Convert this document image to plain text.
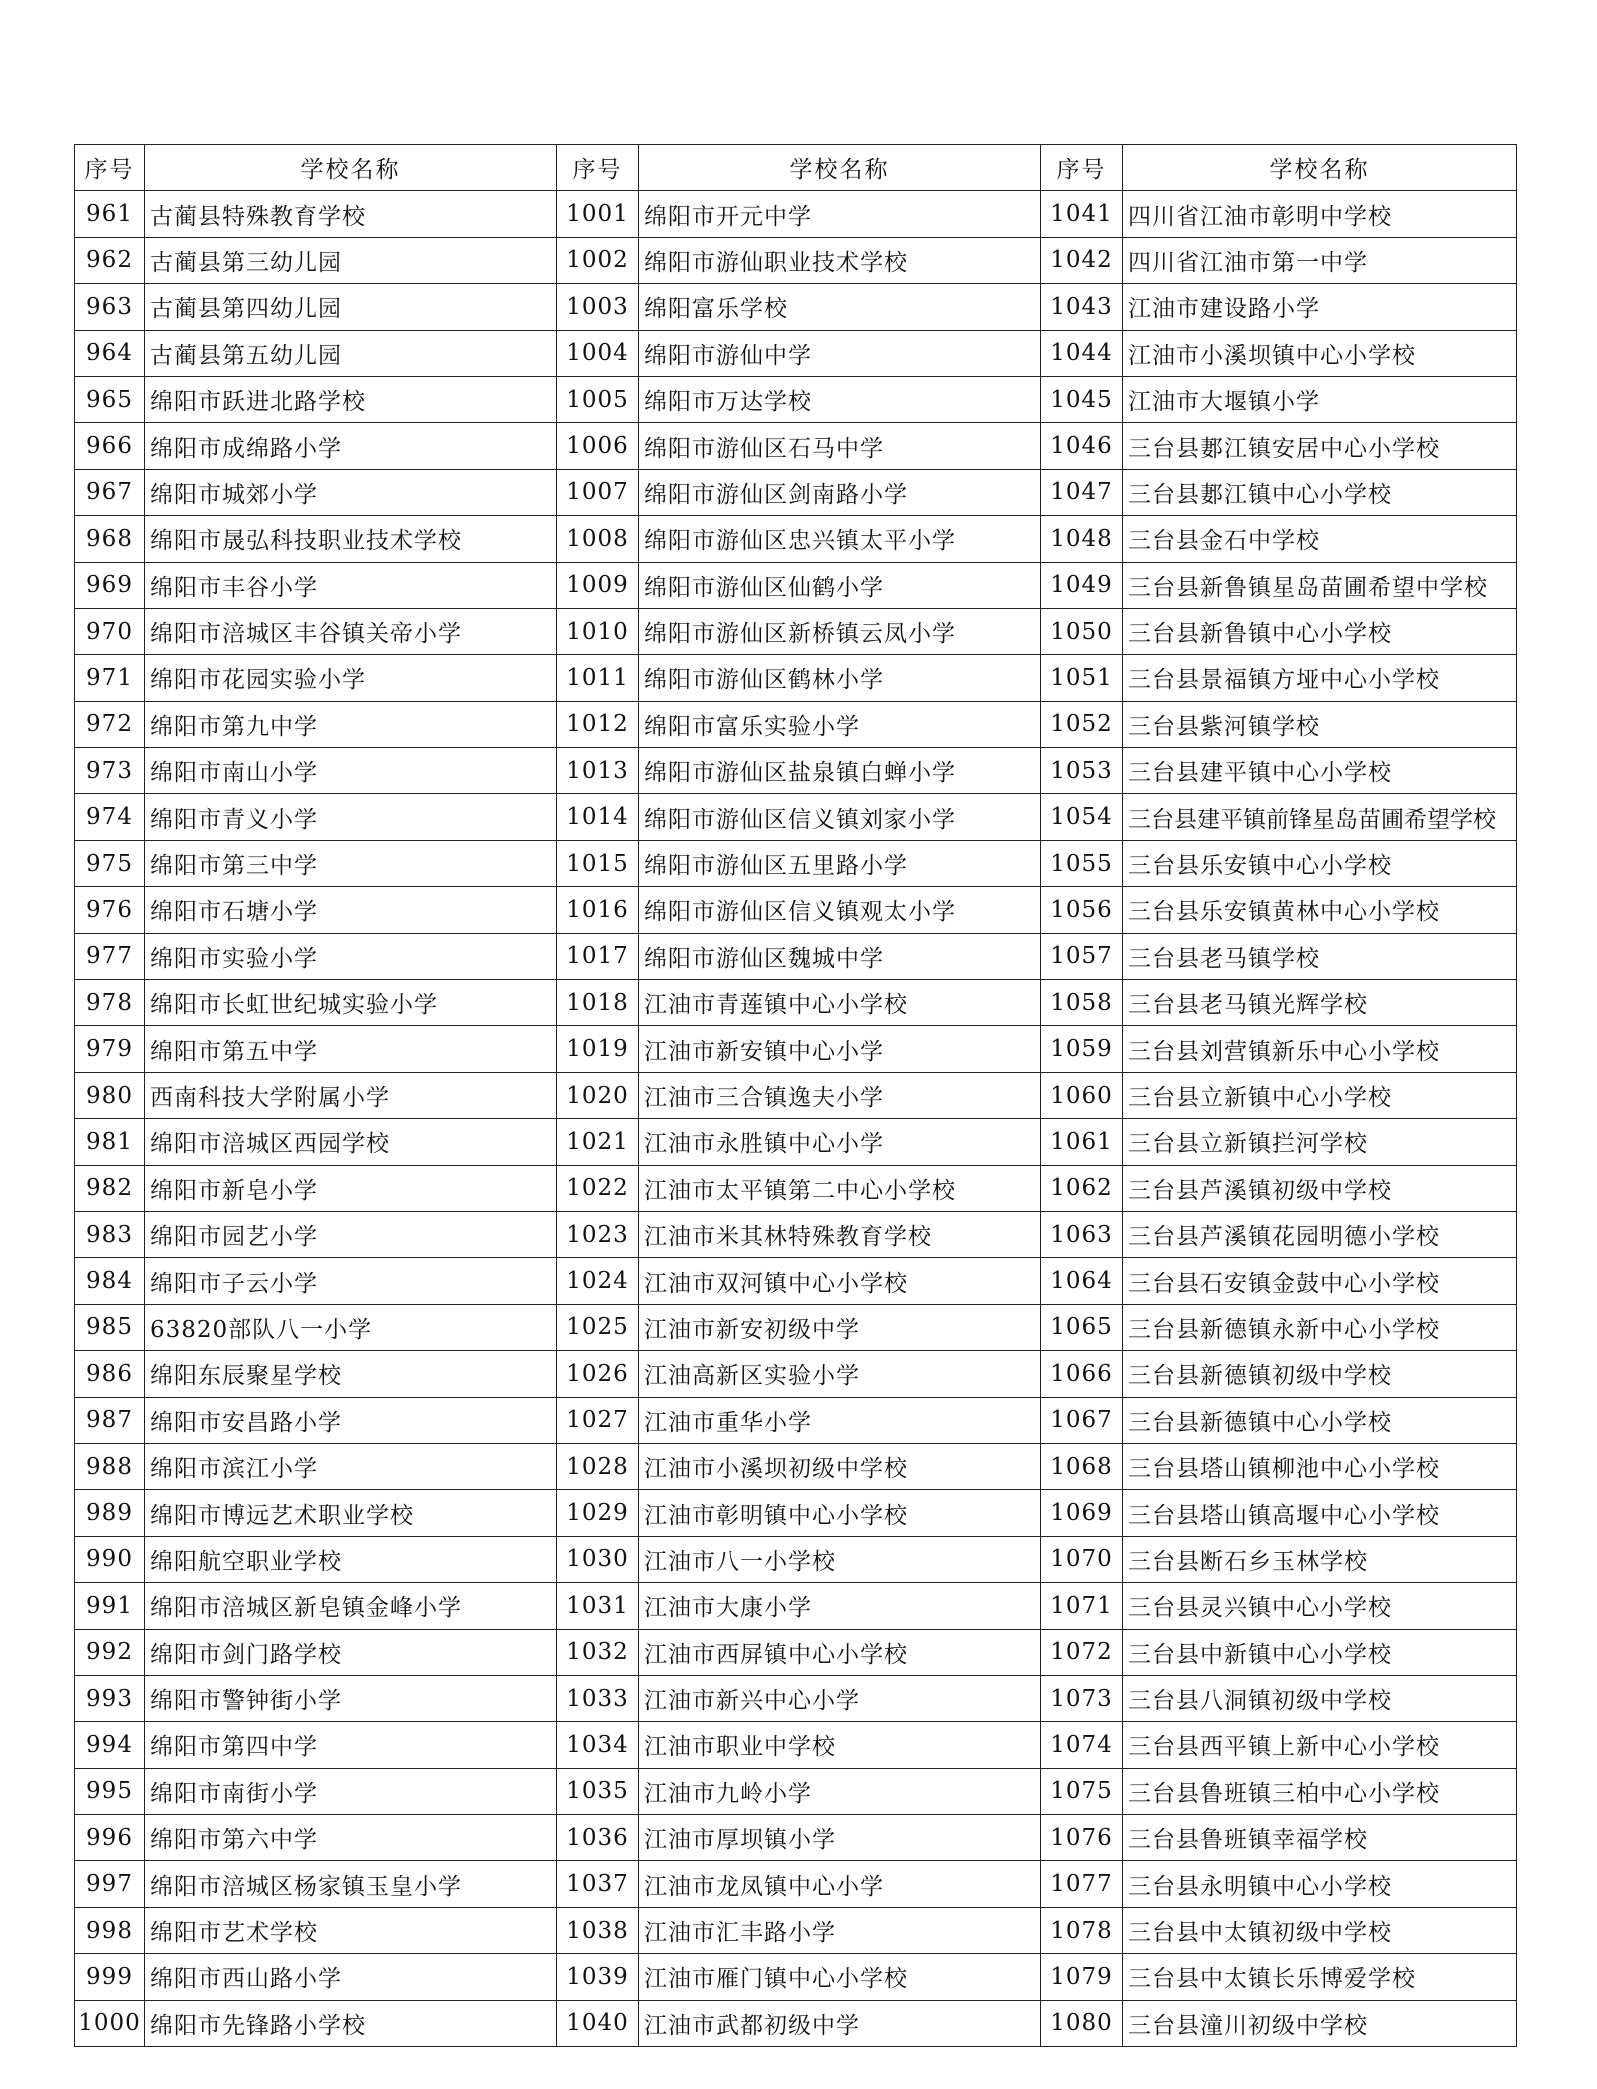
序号	学校名称	序号	学校名称	序号	学校名称
961	古蔺县特殊教育学校	1001	绵阳市开元中学	1041	四川省江油市彰明中学校
962	古蔺县第三幼儿园	1002	绵阳市游仙职业技术学校	1042	四川省江油市第一中学
963	古蔺县第四幼儿园	1003	绵阳富乐学校	1043	江油市建设路小学
964	古蔺县第五幼儿园	1004	绵阳市游仙中学	1044	江油市小溪坝镇中心小学校
965	绵阳市跃进北路学校	1005	绵阳市万达学校	1045	江油市大堰镇小学
966	绵阳市成绵路小学	1006	绵阳市游仙区石马中学	1046	三台县郪江镇安居中心小学校
967	绵阳市城郊小学	1007	绵阳市游仙区剑南路小学	1047	三台县郪江镇中心小学校
968	绵阳市晟弘科技职业技术学校	1008	绵阳市游仙区忠兴镇太平小学	1048	三台县金石中学校
969	绵阳市丰谷小学	1009	绵阳市游仙区仙鹤小学	1049	三台县新鲁镇星岛苗圃希望中学校
970	绵阳市涪城区丰谷镇关帝小学	1010	绵阳市游仙区新桥镇云凤小学	1050	三台县新鲁镇中心小学校
971	绵阳市花园实验小学	1011	绵阳市游仙区鹤林小学	1051	三台县景福镇方垭中心小学校
972	绵阳市第九中学	1012	绵阳市富乐实验小学	1052	三台县紫河镇学校
973	绵阳市南山小学	1013	绵阳市游仙区盐泉镇白蝉小学	1053	三台县建平镇中心小学校
974	绵阳市青义小学	1014	绵阳市游仙区信义镇刘家小学	1054	三台县建平镇前锋星岛苗圃希望学校
975	绵阳市第三中学	1015	绵阳市游仙区五里路小学	1055	三台县乐安镇中心小学校
976	绵阳市石塘小学	1016	绵阳市游仙区信义镇观太小学	1056	三台县乐安镇黄林中心小学校
977	绵阳市实验小学	1017	绵阳市游仙区魏城中学	1057	三台县老马镇学校
978	绵阳市长虹世纪城实验小学	1018	江油市青莲镇中心小学校	1058	三台县老马镇光辉学校
979	绵阳市第五中学	1019	江油市新安镇中心小学	1059	三台县刘营镇新乐中心小学校
980	西南科技大学附属小学	1020	江油市三合镇逸夫小学	1060	三台县立新镇中心小学校
981	绵阳市涪城区西园学校	1021	江油市永胜镇中心小学	1061	三台县立新镇拦河学校
982	绵阳市新皂小学	1022	江油市太平镇第二中心小学校	1062	三台县芦溪镇初级中学校
983	绵阳市园艺小学	1023	江油市米其林特殊教育学校	1063	三台县芦溪镇花园明德小学校
984	绵阳市子云小学	1024	江油市双河镇中心小学校	1064	三台县石安镇金鼓中心小学校
985	63820部队八一小学	1025	江油市新安初级中学	1065	三台县新德镇永新中心小学校
986	绵阳东辰聚星学校	1026	江油高新区实验小学	1066	三台县新德镇初级中学校
987	绵阳市安昌路小学	1027	江油市重华小学	1067	三台县新德镇中心小学校
988	绵阳市滨江小学	1028	江油市小溪坝初级中学校	1068	三台县塔山镇柳池中心小学校
989	绵阳市博远艺术职业学校	1029	江油市彰明镇中心小学校	1069	三台县塔山镇高堰中心小学校
990	绵阳航空职业学校	1030	江油市八一小学校	1070	三台县断石乡玉林学校
991	绵阳市涪城区新皂镇金峰小学	1031	江油市大康小学	1071	三台县灵兴镇中心小学校
992	绵阳市剑门路学校	1032	江油市西屏镇中心小学校	1072	三台县中新镇中心小学校
993	绵阳市警钟街小学	1033	江油市新兴中心小学	1073	三台县八洞镇初级中学校
994	绵阳市第四中学	1034	江油市职业中学校	1074	三台县西平镇上新中心小学校
995	绵阳市南街小学	1035	江油市九岭小学	1075	三台县鲁班镇三柏中心小学校
996	绵阳市第六中学	1036	江油市厚坝镇小学	1076	三台县鲁班镇幸福学校
997	绵阳市涪城区杨家镇玉皇小学	1037	江油市龙凤镇中心小学	1077	三台县永明镇中心小学校
998	绵阳市艺术学校	1038	江油市汇丰路小学	1078	三台县中太镇初级中学校
999	绵阳市西山路小学	1039	江油市雁门镇中心小学校	1079	三台县中太镇长乐博爱学校
1000	绵阳市先锋路小学校	1040	江油市武都初级中学	1080	三台县潼川初级中学校
